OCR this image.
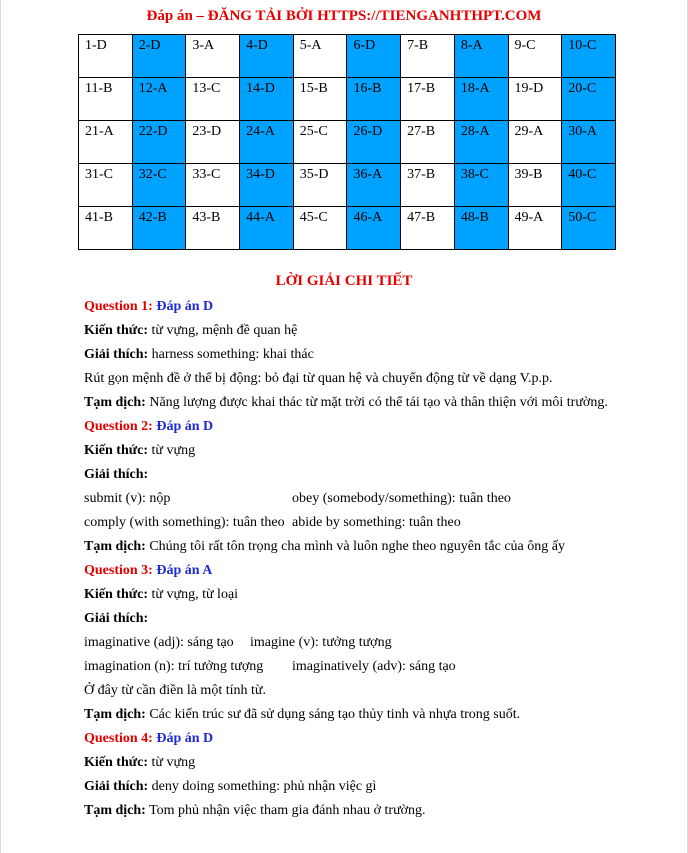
Đáp án – ĐĂNG TẢI BỞI HTTPS://TIENGANHTHPT.COM
1-D	2-D	3-A	4-D	5-A	6-D	7-B	8-A	9-C	10-C
11-B	12-A	13-C	14-D	15-B	16-B	17-B	18-A	19-D	20-C
21-A	22-D	23-D	24-A	25-C	26-D	27-B	28-A	29-A	30-A
31-C	32-C	33-C	34-D	35-D	36-A	37-B	38-C	39-B	40-C
41-B	42-B	43-B	44-A	45-C	46-A	47-B	48-B	49-A	50-C
LỜI GIẢI CHI TIẾT
Question 1: Đáp án D
Kiến thức: từ vựng, mệnh đề quan hệ
Giải thích: harness something: khai thác
Rút gọn mệnh đề ở thể bị động: bỏ đại từ quan hệ và chuyển động từ về dạng V.p.p.
Tạm dịch: Năng lượng được khai thác từ mặt trời có thể tái tạo và thân thiện với môi trường.
Question 2: Đáp án D
Kiến thức: từ vựng
Giải thích:
submit (v): nộp	obey (somebody/something): tuân theo
comply (with something): tuân theo abide by something: tuân theo
Tạm dịch: Chúng tôi rất tôn trọng cha mình và luôn nghe theo nguyên tắc của ông ấy
Question 3: Đáp án A
Kiến thức: từ vựng, từ loại
Giải thích:
imaginative (adj): sáng tạo imagine (v): tưởng tượng
imagination (n): trí tưởng tượng imaginatively (adv): sáng tạo
Ở đây từ cần điền là một tính từ.
Tạm dịch: Các kiến trúc sư đã sử dụng sáng tạo thủy tinh và nhựa trong suốt.
Question 4: Đáp án D
Kiến thức: từ vựng
Giải thích: deny doing something: phủ nhận việc gì
Tạm dịch: Tom phủ nhận việc tham gia đánh nhau ở trường.
